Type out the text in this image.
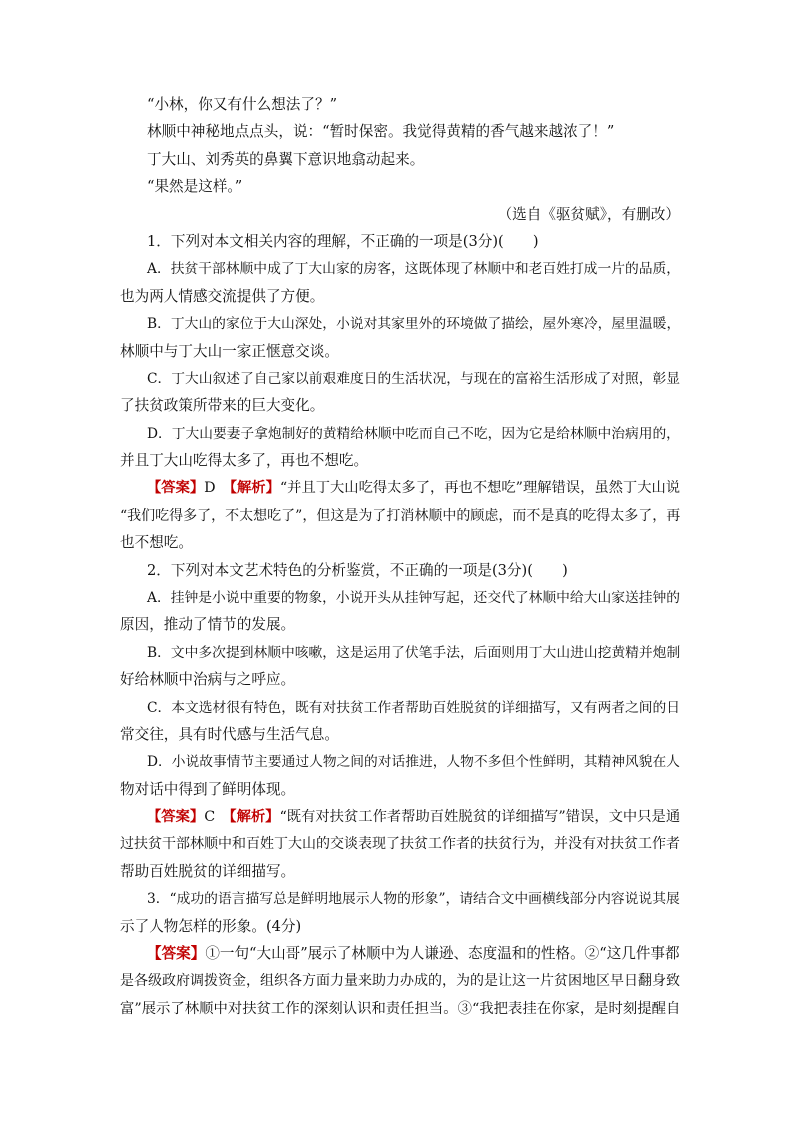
“小林，你又有什么想法了？”
林顺中神秘地点点头，说：“暂时保密。我觉得黄精的香气越来越浓了！”
丁大山、刘秀英的鼻翼下意识地翕动起来。
“果然是这样。”
（选自《驱贫赋》，有删改）
1．下列对本文相关内容的理解，不正确的一项是(3分)(　　)
A．扶贫干部林顺中成了丁大山家的房客，这既体现了林顺中和老百姓打成一片的品质，
也为两人情感交流提供了方便。
B．丁大山的家位于大山深处，小说对其家里外的环境做了描绘，屋外寒冷，屋里温暖，
林顺中与丁大山一家正惬意交谈。
C．丁大山叙述了自己家以前艰难度日的生活状况，与现在的富裕生活形成了对照，彰显
了扶贫政策所带来的巨大变化。
D．丁大山要妻子拿炮制好的黄精给林顺中吃而自己不吃，因为它是给林顺中治病用的，
并且丁大山吃得太多了，再也不想吃。
【答案】D　【解析】“并且丁大山吃得太多了，再也不想吃”理解错误，虽然丁大山说
“我们吃得多了，不太想吃了”，但这是为了打消林顺中的顾虑，而不是真的吃得太多了，再
也不想吃。
2．下列对本文艺术特色的分析鉴赏，不正确的一项是(3分)(　　)
A．挂钟是小说中重要的物象，小说开头从挂钟写起，还交代了林顺中给大山家送挂钟的
原因，推动了情节的发展。
B．文中多次提到林顺中咳嗽，这是运用了伏笔手法，后面则用丁大山进山挖黄精并炮制
好给林顺中治病与之呼应。
C．本文选材很有特色，既有对扶贫工作者帮助百姓脱贫的详细描写，又有两者之间的日
常交往，具有时代感与生活气息。
D．小说故事情节主要通过人物之间的对话推进，人物不多但个性鲜明，其精神风貌在人
物对话中得到了鲜明体现。
【答案】C　【解析】“既有对扶贫工作者帮助百姓脱贫的详细描写”错误，文中只是通
过扶贫干部林顺中和百姓丁大山的交谈表现了扶贫工作者的扶贫行为，并没有对扶贫工作者
帮助百姓脱贫的详细描写。
3．“成功的语言描写总是鲜明地展示人物的形象”，请结合文中画横线部分内容说说其展
示了人物怎样的形象。(4分)
【答案】①一句“大山哥”展示了林顺中为人谦逊、态度温和的性格。②“这几件事都
是各级政府调拨资金，组织各方面力量来助力办成的，为的是让这一片贫困地区早日翻身致
富”展示了林顺中对扶贫工作的深刻认识和责任担当。③“我把表挂在你家，是时刻提醒自
